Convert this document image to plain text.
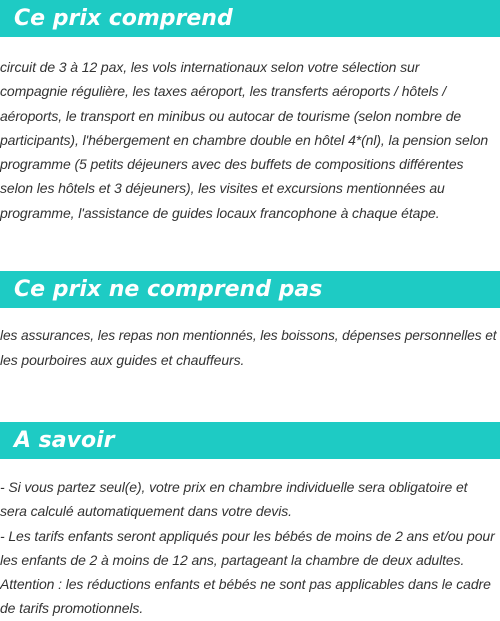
Ce prix comprend
circuit de 3 à 12 pax, les vols internationaux selon votre sélection sur
compagnie régulière, les taxes aéroport, les transferts aéroports / hôtels /
aéroports, le transport en minibus ou autocar de tourisme (selon nombre de
participants), l'hébergement en chambre double en hôtel 4*(nl), la pension selon
programme (5 petits déjeuners avec des buffets de compositions différentes
selon les hôtels et 3 déjeuners), les visites et excursions mentionnées au
programme, l'assistance de guides locaux francophone à chaque étape.
Ce prix ne comprend pas
les assurances, les repas non mentionnés, les boissons, dépenses personnelles et
les pourboires aux guides et chauffeurs.
A savoir
- Si vous partez seul(e), votre prix en chambre individuelle sera obligatoire et
sera calculé automatiquement dans votre devis.
- Les tarifs enfants seront appliqués pour les bébés de moins de 2 ans et/ou pour
les enfants de 2 à moins de 12 ans, partageant la chambre de deux adultes.
Attention : les réductions enfants et bébés ne sont pas applicables dans le cadre
de tarifs promotionnels.
